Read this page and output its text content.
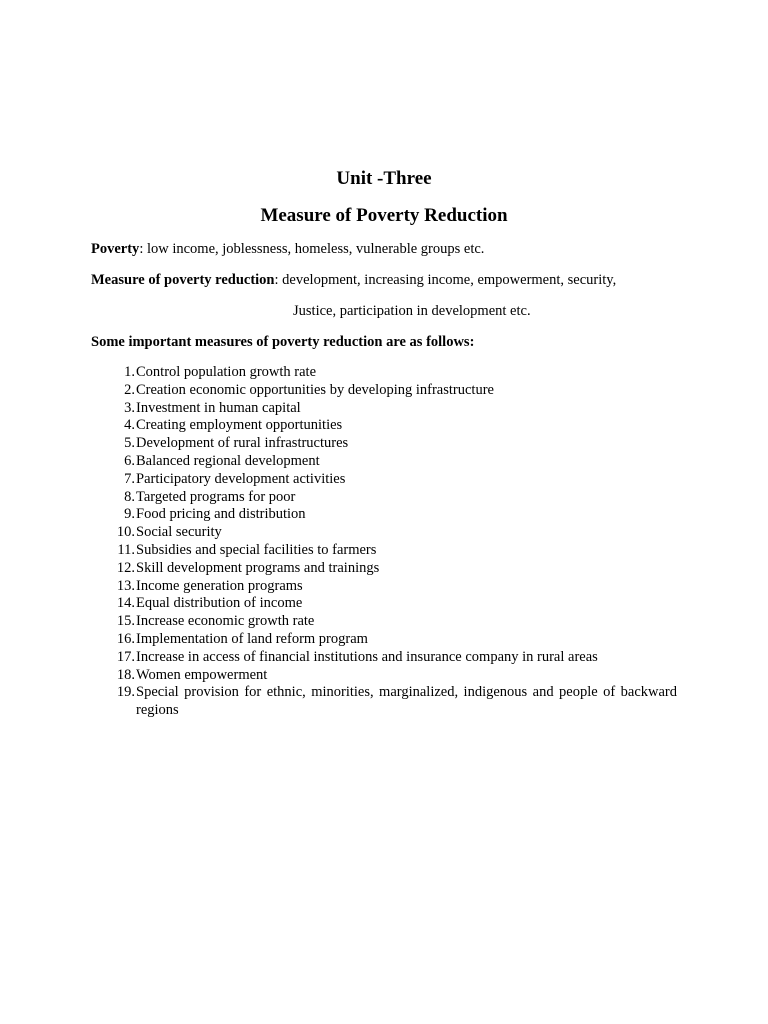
Unit -Three
Measure of Poverty Reduction
Poverty: low income, joblessness, homeless, vulnerable groups etc.
Measure of poverty reduction: development, increasing income, empowerment, security,
Justice, participation in development etc.
Some important measures of poverty reduction are as follows:
1. Control population growth rate
2. Creation economic opportunities by developing infrastructure
3. Investment in human capital
4. Creating employment opportunities
5. Development of rural infrastructures
6. Balanced regional development
7. Participatory development activities
8. Targeted programs for poor
9. Food pricing and distribution
10. Social security
11. Subsidies and special facilities to farmers
12. Skill development programs and trainings
13. Income generation programs
14. Equal distribution of income
15. Increase economic growth rate
16. Implementation of land reform program
17. Increase in access of financial institutions and insurance company in rural areas
18. Women empowerment
19. Special provision for ethnic, minorities, marginalized, indigenous and people of backward regions
